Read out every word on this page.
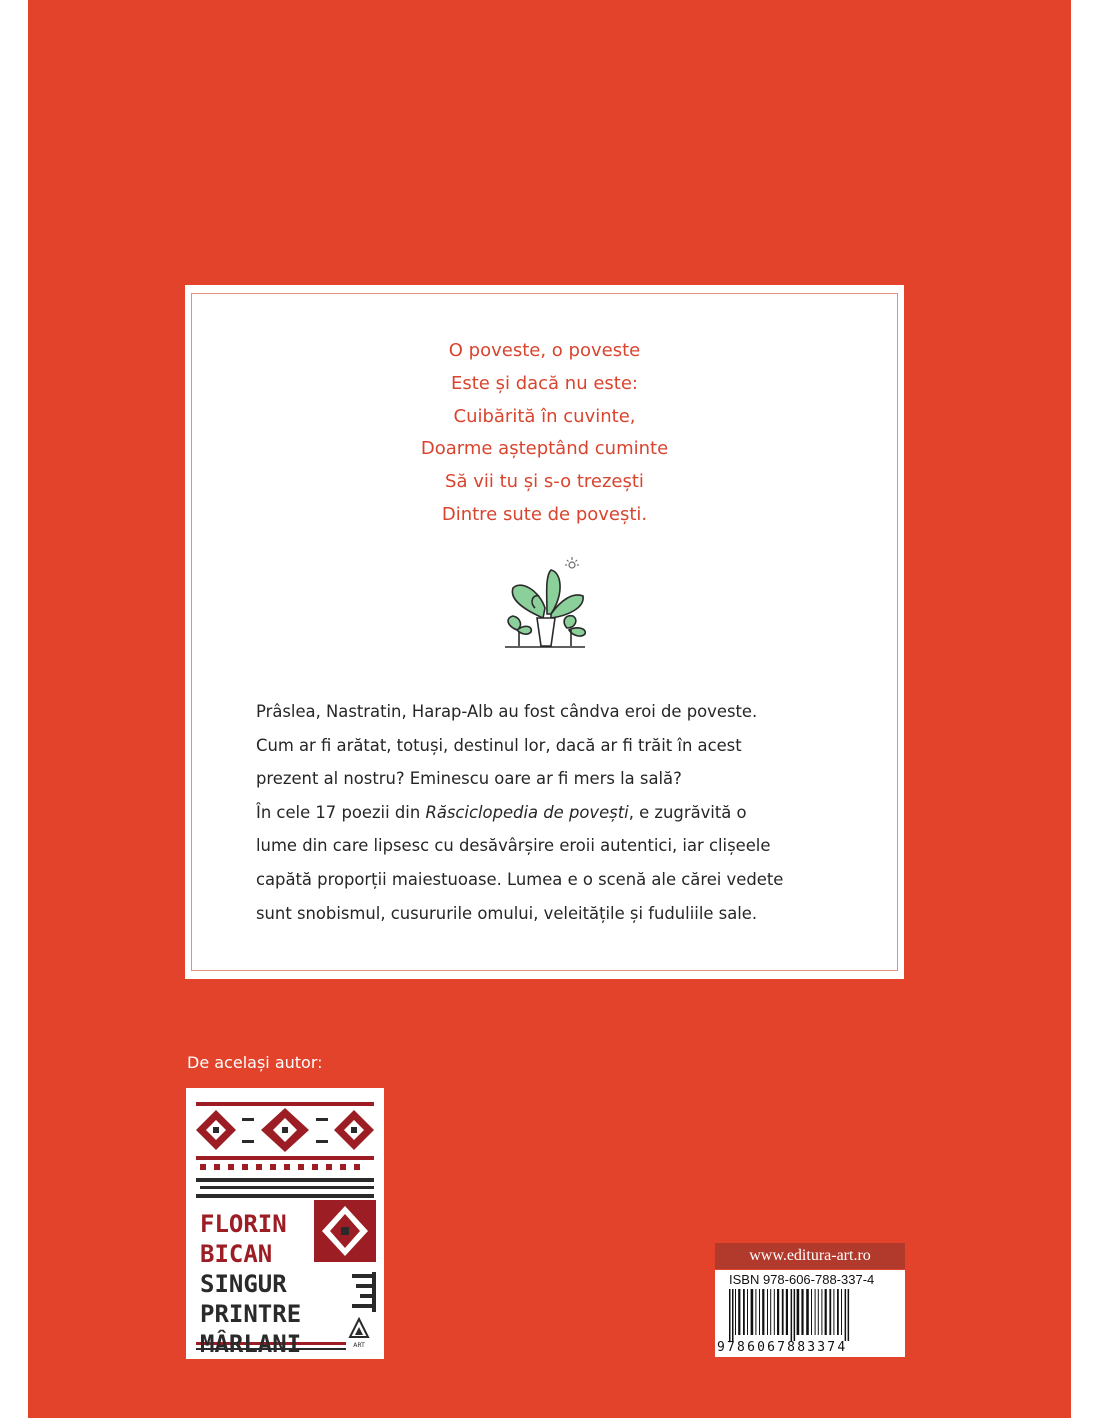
O poveste, o poveste
Este și dacă nu este:
Cuibărită în cuvinte,
Doarme așteptând cuminte
Să vii tu și s-o trezești
Dintre sute de povești.

Prâslea, Nastratin, Harap-Alb au fost cândva eroi de poveste.
Cum ar fi arătat, totuși, destinul lor, dacă ar fi trăit în acest
prezent al nostru? Eminescu oare ar fi mers la sală?

În cele 17 poezii din Răsciclopedia de povești, e zugrăvită o
lume din care lipsesc cu desăvârșire eroii autentici, iar clișeele
capătă proporții maiestuoase. Lumea e o scenă ale cărei vedete
sunt snobismul, cusururile omului, veleitățile și fuduliile sale.

De același autor:
FLORIN
BICAN
SINGUR
PRINTRE
MÂRLANI	ART
www.editura-art.ro
ISBN 978-606-788-337-4
9786067883374
